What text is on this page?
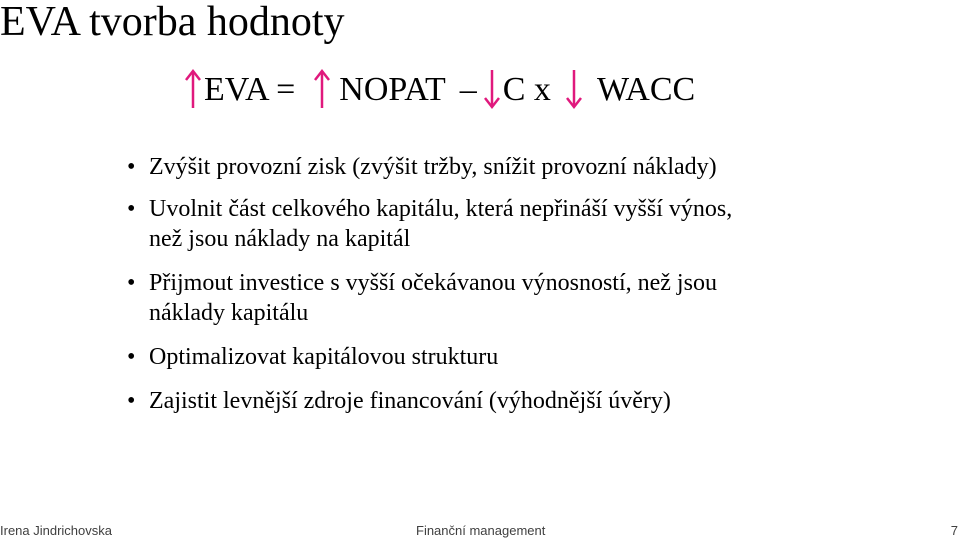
EVA tvorba hodnoty
EVA = NOPAT – C x WACC
• Zvýšit provozní zisk (zvýšit tržby, snížit provozní náklady)
• Uvolnit část celkového kapitálu, která nepřináší vyšší výnos,
než jsou náklady na kapitál
• Přijmout investice s vyšší očekávanou výnosností, než jsou
náklady kapitálu
• Optimalizovat kapitálovou strukturu
• Zajistit levnější zdroje financování (výhodnější úvěry)
Irena Jindrichovska	Finanční management	7
